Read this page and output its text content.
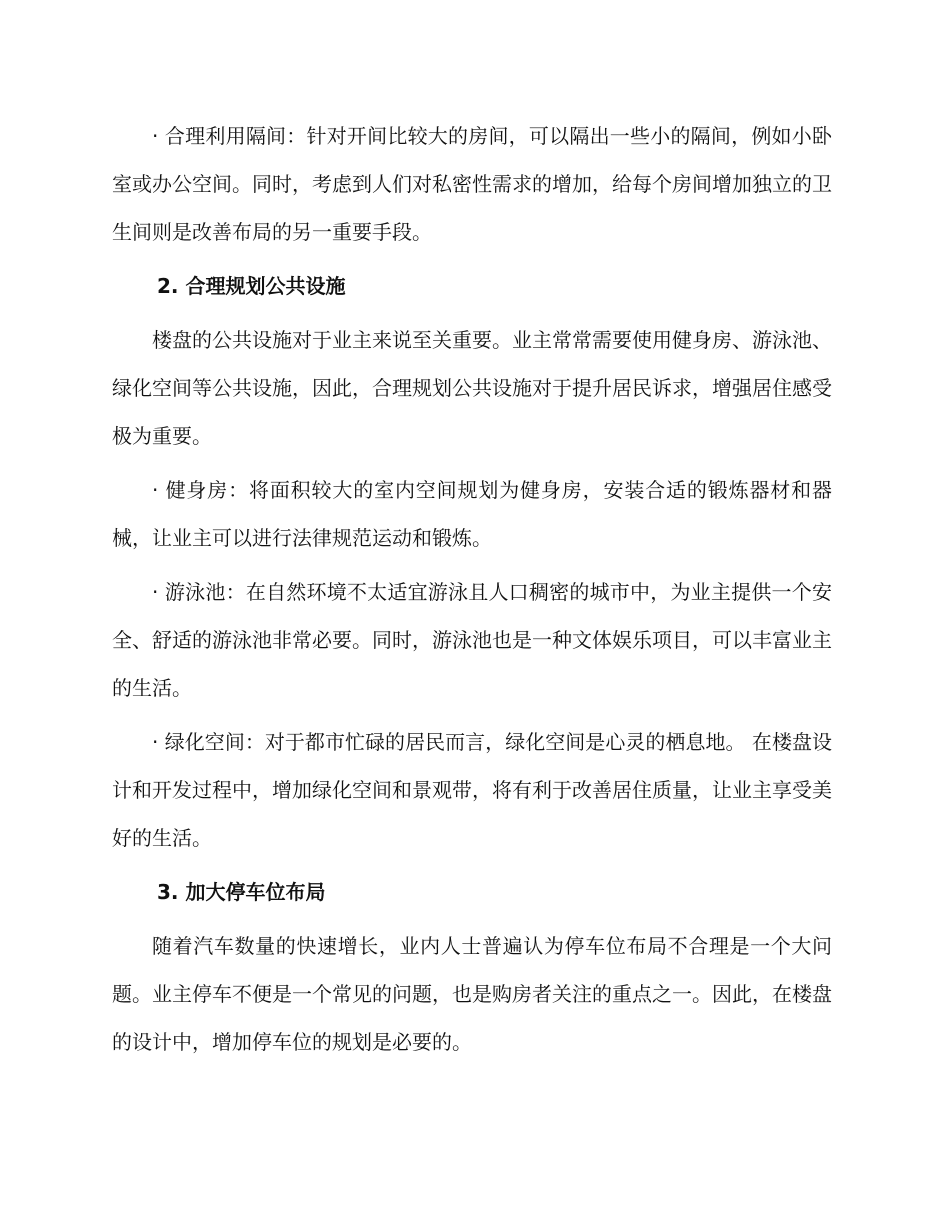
· 合理利用隔间：针对开间比较大的房间，可以隔出一些小的隔间，例如小卧室或办公空间。同时，考虑到人们对私密性需求的增加，给每个房间增加独立的卫生间则是改善布局的另一重要手段。

2. 合理规划公共设施

楼盘的公共设施对于业主来说至关重要。业主常常需要使用健身房、游泳池、绿化空间等公共设施，因此，合理规划公共设施对于提升居民诉求，增强居住感受极为重要。

· 健身房：将面积较大的室内空间规划为健身房，安装合适的锻炼器材和器械，让业主可以进行法律规范运动和锻炼。

· 游泳池：在自然环境不太适宜游泳且人口稠密的城市中，为业主提供一个安全、舒适的游泳池非常必要。同时，游泳池也是一种文体娱乐项目，可以丰富业主的生活。

· 绿化空间：对于都市忙碌的居民而言，绿化空间是心灵的栖息地。 在楼盘设计和开发过程中，增加绿化空间和景观带，将有利于改善居住质量，让业主享受美好的生活。

3. 加大停车位布局

随着汽车数量的快速增长，业内人士普遍认为停车位布局不合理是一个大问题。业主停车不便是一个常见的问题，也是购房者关注的重点之一。因此，在楼盘的设计中，增加停车位的规划是必要的。
